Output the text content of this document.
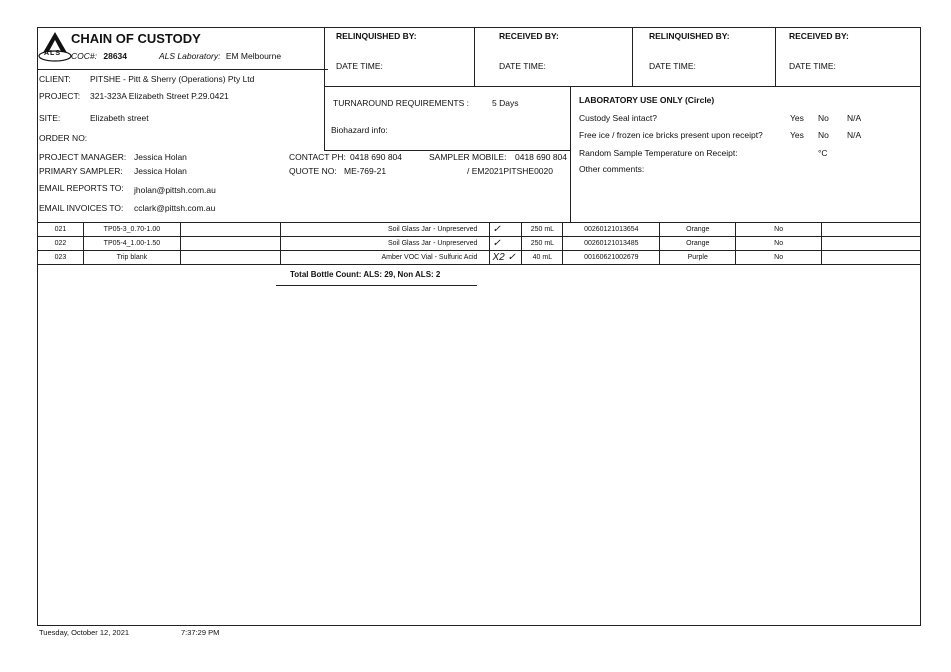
ALS
CHAIN OF CUSTODY
COC#: 28634	ALS Laboratory: EM Melbourne
RELINQUISHED BY:
DATE TIME:
RECEIVED BY:
DATE TIME:
RELINQUISHED BY:
DATE TIME:
RECEIVED BY:
DATE TIME:
CLIENT: PITSHE - Pitt & Sherry (Operations) Pty Ltd
PROJECT: 321-323A Elizabeth Street P.29.0421
SITE:	Elizabeth street
ORDER NO:
PROJECT MANAGER: Jessica Holan
PRIMARY SAMPLER: Jessica Holan
EMAIL REPORTS TO: jholan@pittsh.com.au
EMAIL INVOICES TO: cclark@pittsh.com.au
CONTACT PH: 0418 690 804	SAMPLER MOBILE: 0418 690 804
QUOTE NO: ME-769-21	/ EM2021PITSHE0020
TURNAROUND REQUIREMENTS :	5 Days
Biohazard info:
LABORATORY USE ONLY (Circle)
Custody Seal intact?	Yes No N/A
Free ice / frozen ice bricks present upon receipt?	Yes No N/A
Random Sample Temperature on Receipt:	°C
Other comments:
021	TP05-3_0.70-1.00		Soil Glass Jar - Unpreserved	✓	250 mL	00260121013654	Orange	No	
022	TP05-4_1.00-1.50		Soil Glass Jar - Unpreserved	✓	250 mL	00260121013485	Orange	No	
023	Trip blank		Amber VOC Vial - Sulfuric Acid	X2 ✓	40 mL	00160621002679	Purple	No	
Total Bottle Count: ALS: 29, Non ALS: 2
Tuesday, October 12, 2021	7:37:29 PM
